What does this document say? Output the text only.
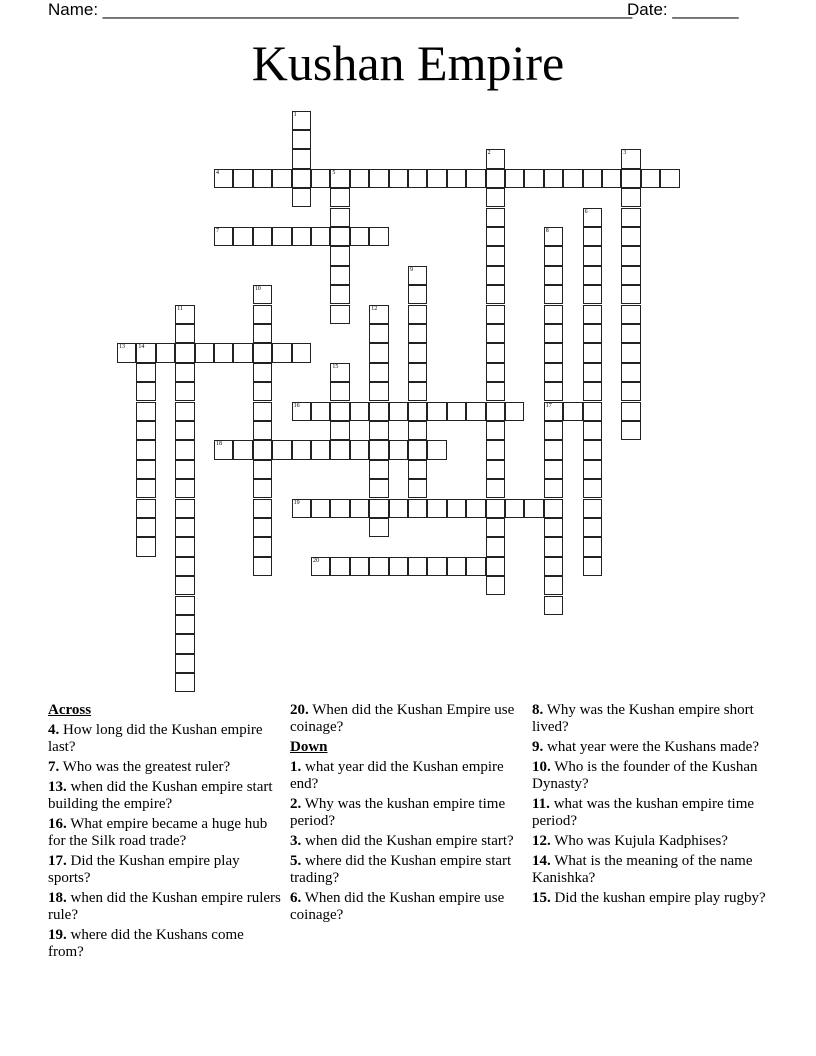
Name: ________________________________________________________
Date: _______
Kushan Empire
1
2	3
4	5
6
7	8
17
9
10
11	12
13 14
15
16
18
19
20
Across
4. How long did the Kushan empire last?
7. Who was the greatest ruler?
13. when did the Kushan empire start building the empire?
16. What empire became a huge hub for the Silk road trade?
17. Did the Kushan empire play sports?
18. when did the Kushan empire rulers rule?
19. where did the Kushans come from?
20. When did the Kushan Empire use coinage?
Down
1. what year did the Kushan empire end?
2. Why was the kushan empire time period?
3. when did the Kushan empire start?
5. where did the Kushan empire start trading?
6. When did the Kushan empire use coinage?
8. Why was the Kushan empire short lived?
9. what year were the Kushans made?
10. Who is the founder of the Kushan Dynasty?
11. what was the kushan empire time period?
12. Who was Kujula Kadphises?
14. What is the meaning of the name Kanishka?
15. Did the kushan empire play rugby?
